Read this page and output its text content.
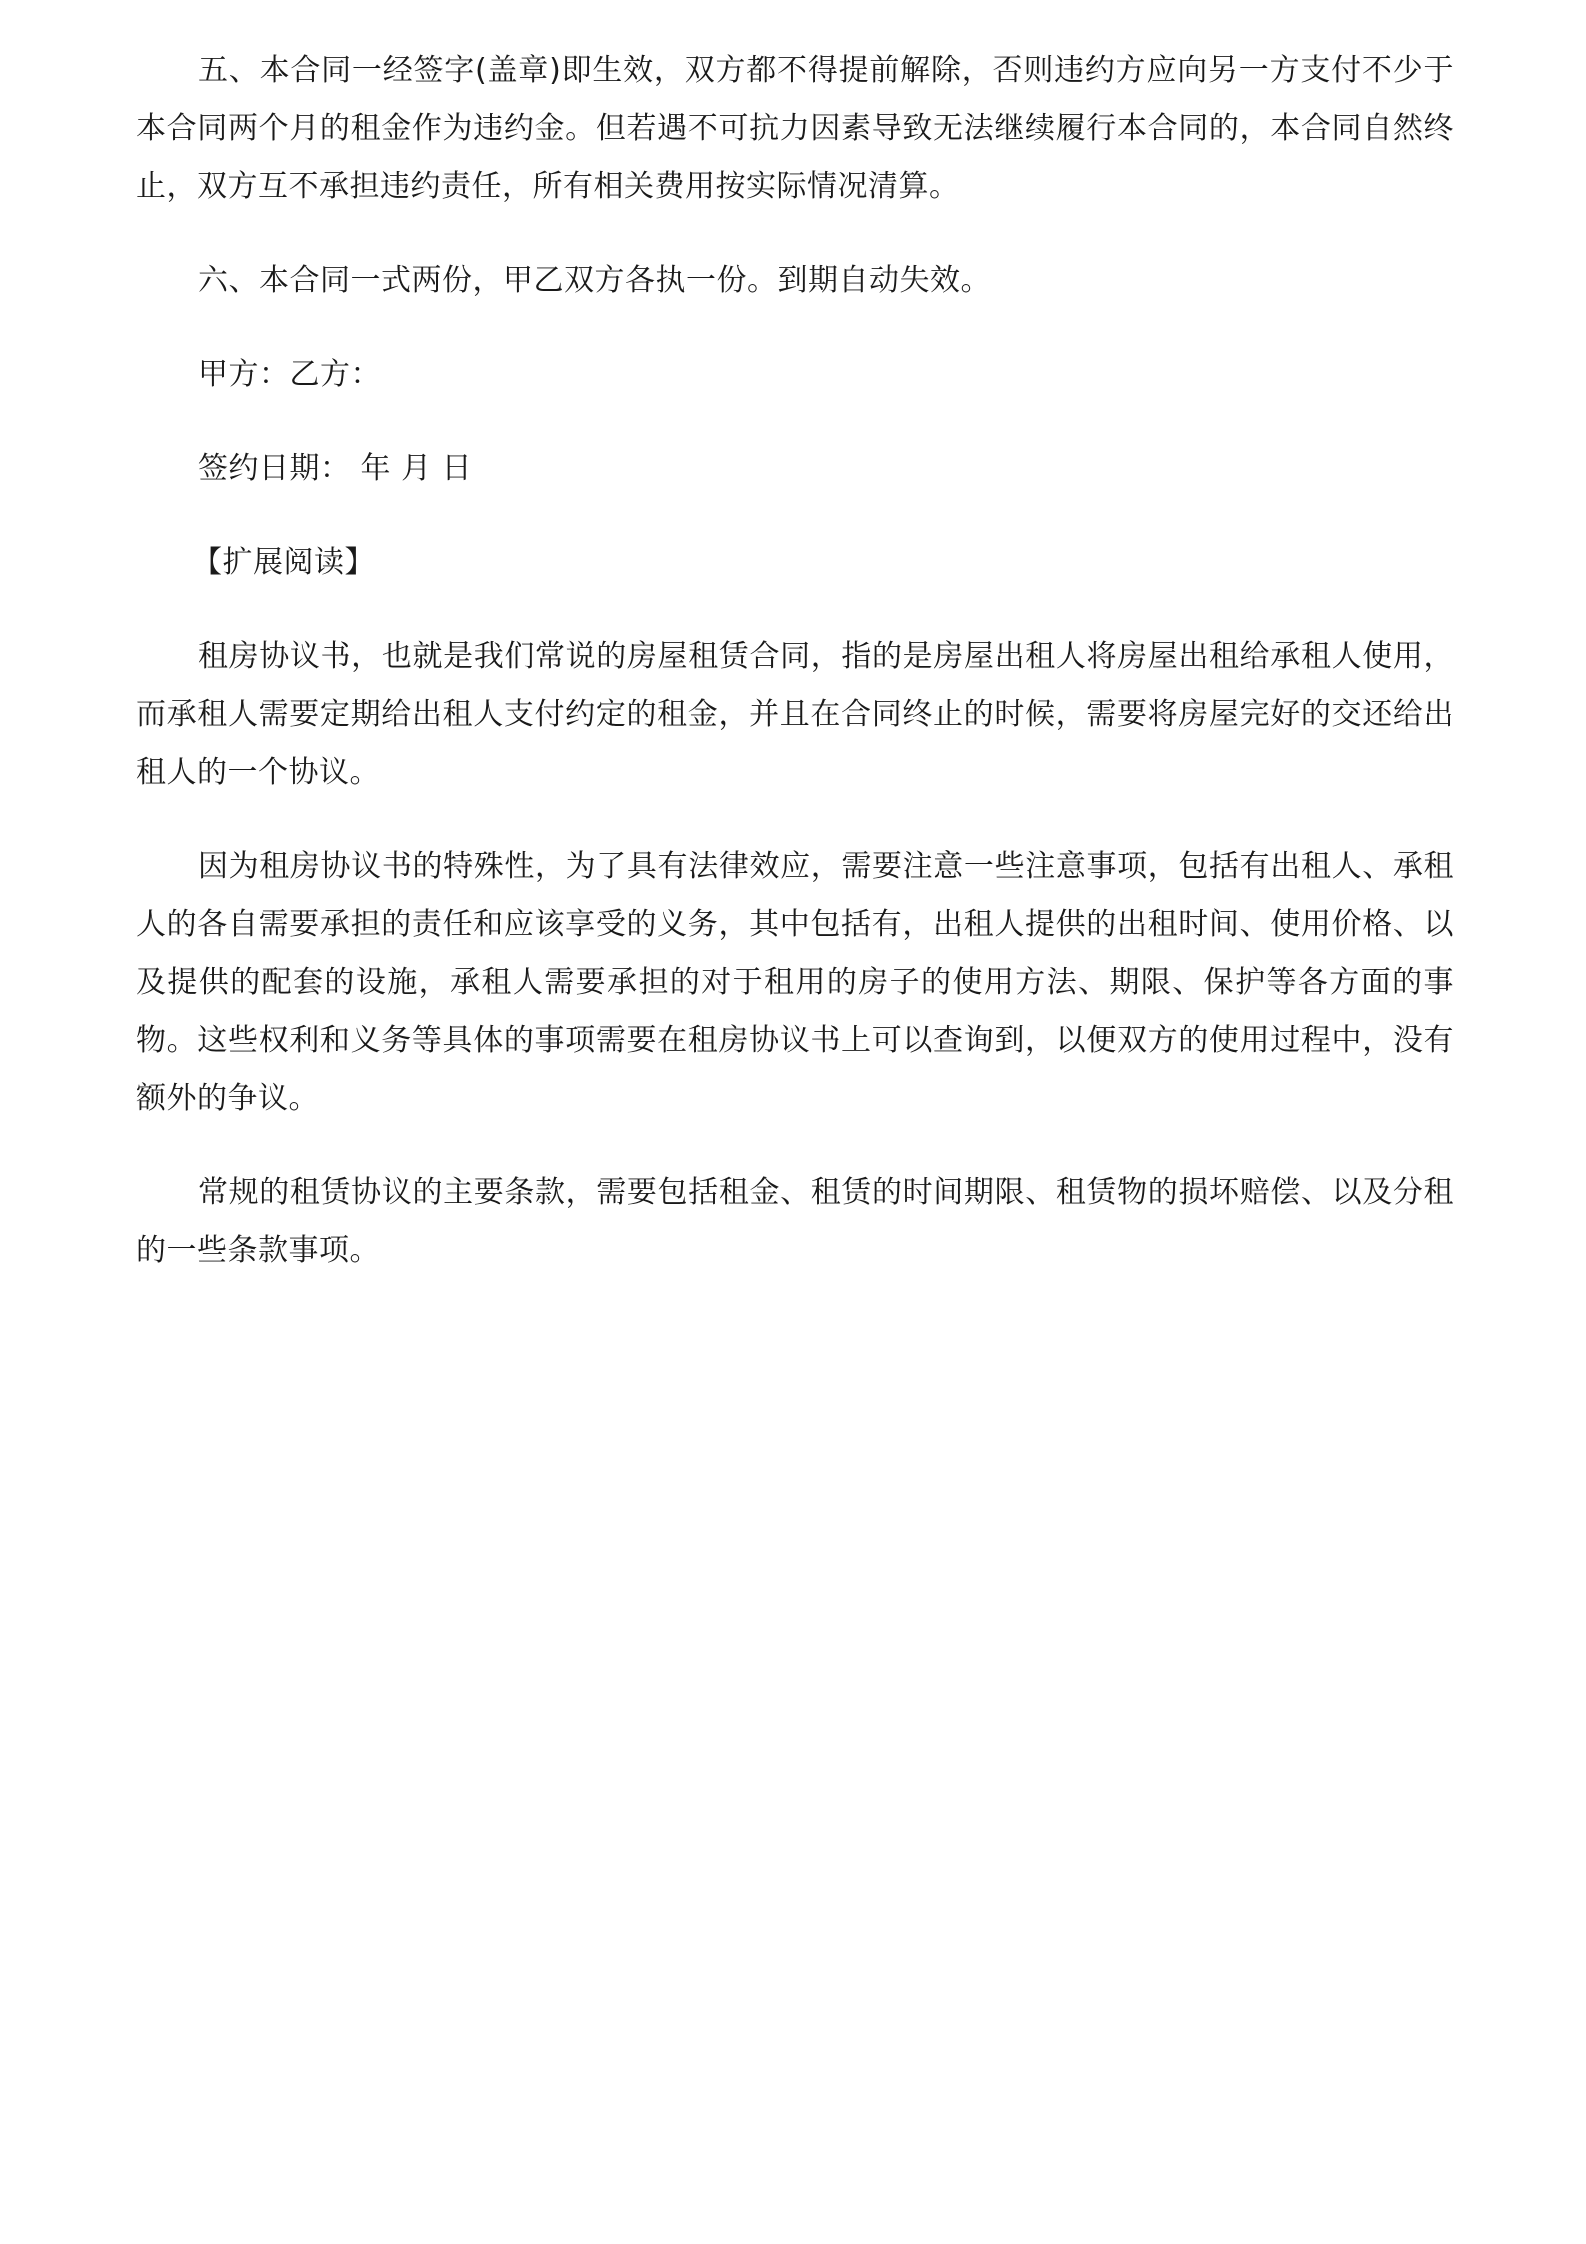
五、本合同一经签字(盖章)即生效，双方都不得提前解除，否则违约方应向另一方支付不少于本合同两个月的租金作为违约金。但若遇不可抗力因素导致无法继续履行本合同的，本合同自然终止，双方互不承担违约责任，所有相关费用按实际情况清算。

六、本合同一式两份，甲乙双方各执一份。到期自动失效。

甲方：乙方：

签约日期： 年 月 日

【扩展阅读】

租房协议书，也就是我们常说的房屋租赁合同，指的是房屋出租人将房屋出租给承租人使用，而承租人需要定期给出租人支付约定的租金，并且在合同终止的时候，需要将房屋完好的交还给出租人的一个协议。

因为租房协议书的特殊性，为了具有法律效应，需要注意一些注意事项，包括有出租人、承租人的各自需要承担的责任和应该享受的义务，其中包括有，出租人提供的出租时间、使用价格、以及提供的配套的设施，承租人需要承担的对于租用的房子的使用方法、期限、保护等各方面的事物。这些权利和义务等具体的事项需要在租房协议书上可以查询到，以便双方的使用过程中，没有额外的争议。

常规的租赁协议的主要条款，需要包括租金、租赁的时间期限、租赁物的损坏赔偿、以及分租的一些条款事项。
